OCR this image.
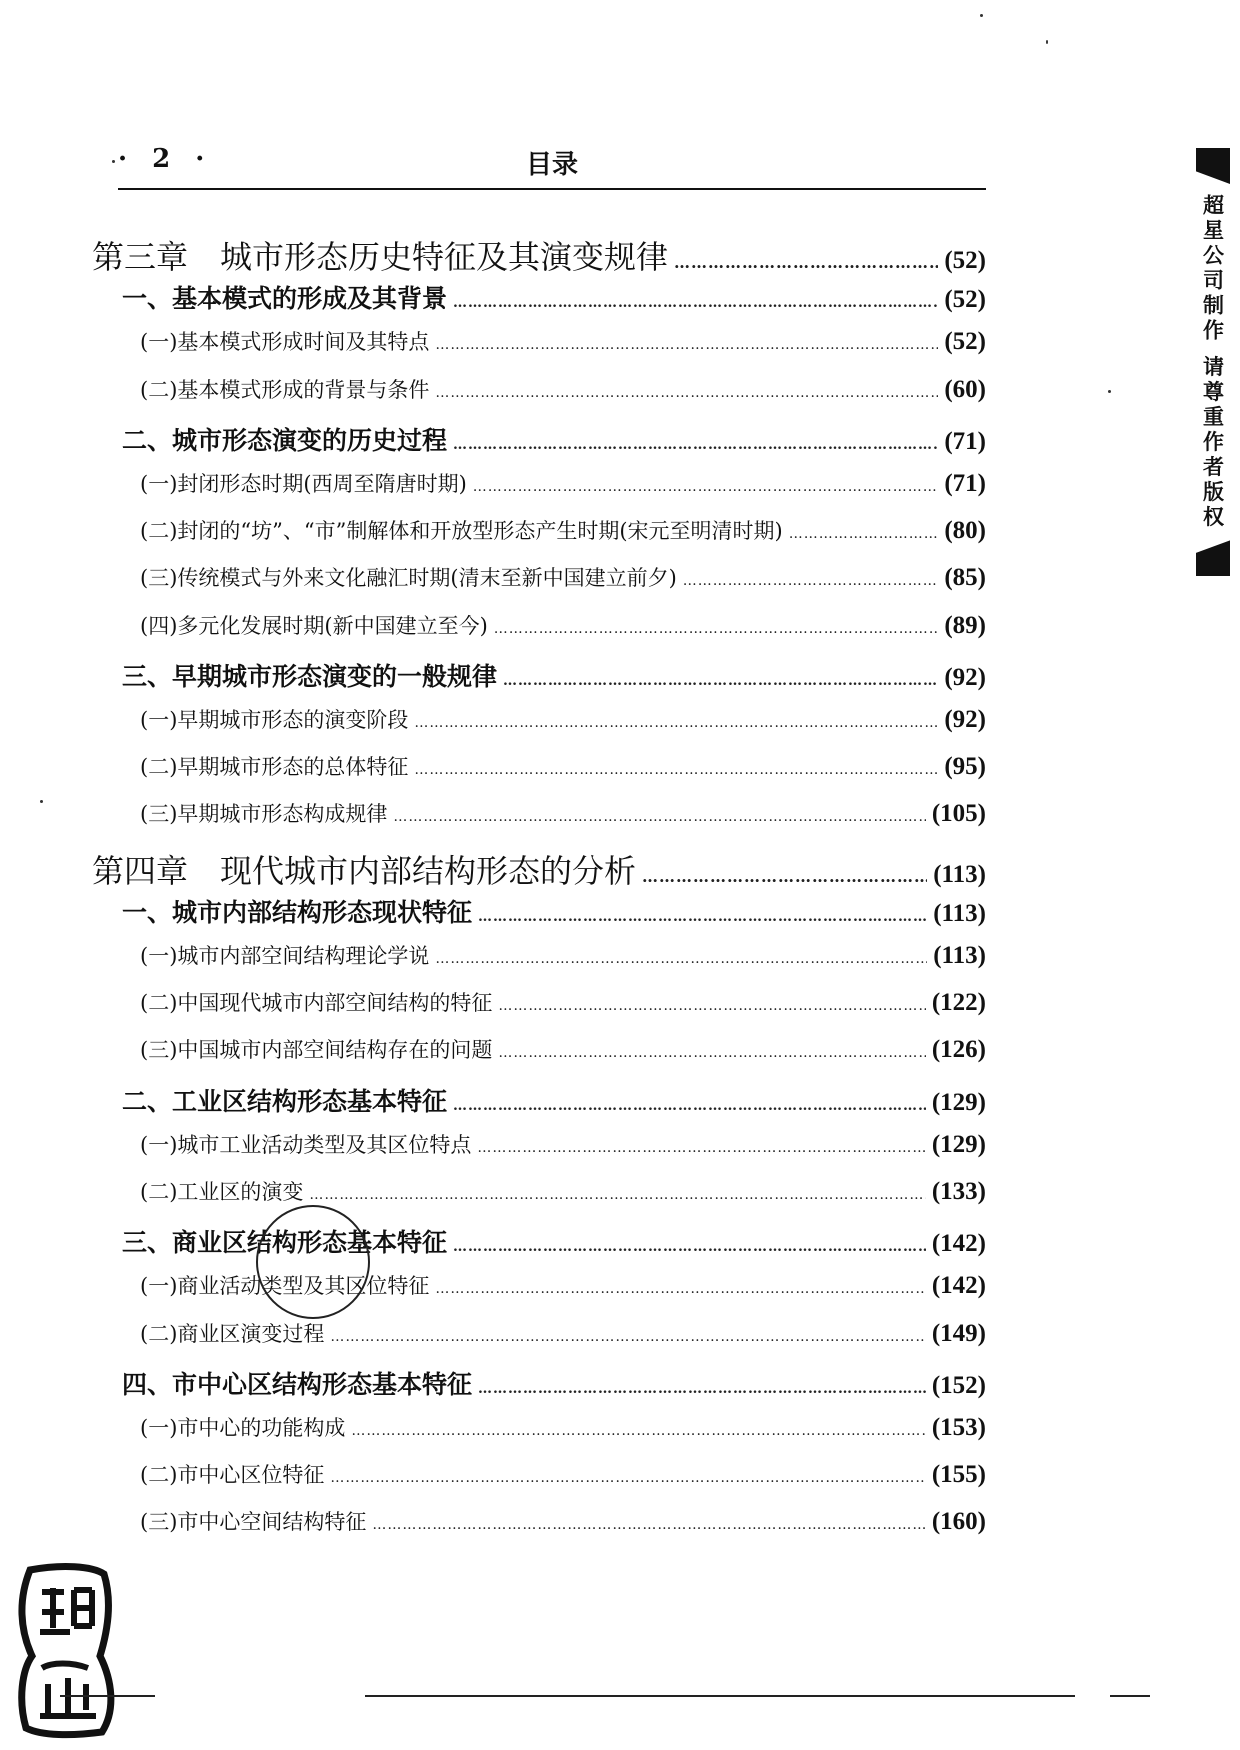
· 2 ·	目录
第三章　城市形态历史特征及其演变规律 ……………………………………………………………………………………………………………………………………………………………………………………………………	(52)
一、基本模式的形成及其背景 ……………………………………………………………………………………………………………………………………………………………………………………………………	(52)
(一)基本模式形成时间及其特点 ……………………………………………………………………………………………………………………………………………………………………………………………………	(52)
(二)基本模式形成的背景与条件 ……………………………………………………………………………………………………………………………………………………………………………………………………	(60)
二、城市形态演变的历史过程 ……………………………………………………………………………………………………………………………………………………………………………………………………	(71)
(一)封闭形态时期(西周至隋唐时期) ……………………………………………………………………………………………………………………………………………………………………………………………………	(71)
(二)封闭的“坊”、“市”制解体和开放型形态产生时期(宋元至明清时期) ……………………………………………………………………………………………………………………………………………………………………………………………………	(80)
(三)传统模式与外来文化融汇时期(清末至新中国建立前夕) ……………………………………………………………………………………………………………………………………………………………………………………………………	(85)
(四)多元化发展时期(新中国建立至今) ……………………………………………………………………………………………………………………………………………………………………………………………………	(89)
三、早期城市形态演变的一般规律 ……………………………………………………………………………………………………………………………………………………………………………………………………	(92)
(一)早期城市形态的演变阶段 ……………………………………………………………………………………………………………………………………………………………………………………………………	(92)
(二)早期城市形态的总体特征 ……………………………………………………………………………………………………………………………………………………………………………………………………	(95)
(三)早期城市形态构成规律 ……………………………………………………………………………………………………………………………………………………………………………………………………	(105)
第四章　现代城市内部结构形态的分析 ……………………………………………………………………………………………………………………………………………………………………………………………………	(113)
一、城市内部结构形态现状特征 ……………………………………………………………………………………………………………………………………………………………………………………………………	(113)
(一)城市内部空间结构理论学说 ……………………………………………………………………………………………………………………………………………………………………………………………………	(113)
(二)中国现代城市内部空间结构的特征 ……………………………………………………………………………………………………………………………………………………………………………………………………	(122)
(三)中国城市内部空间结构存在的问题 ……………………………………………………………………………………………………………………………………………………………………………………………………	(126)
二、工业区结构形态基本特征 ……………………………………………………………………………………………………………………………………………………………………………………………………	(129)
(一)城市工业活动类型及其区位特点 ……………………………………………………………………………………………………………………………………………………………………………………………………	(129)
(二)工业区的演变 ……………………………………………………………………………………………………………………………………………………………………………………………………	(133)
三、商业区结构形态基本特征 ……………………………………………………………………………………………………………………………………………………………………………………………………	(142)
(一)商业活动类型及其区位特征 ……………………………………………………………………………………………………………………………………………………………………………………………………	(142)
(二)商业区演变过程 ……………………………………………………………………………………………………………………………………………………………………………………………………	(149)
四、市中心区结构形态基本特征 ……………………………………………………………………………………………………………………………………………………………………………………………………	(152)
(一)市中心的功能构成 ……………………………………………………………………………………………………………………………………………………………………………………………………	(153)
(二)市中心区位特征 ……………………………………………………………………………………………………………………………………………………………………………………………………	(155)
(三)市中心空间结构特征 ……………………………………………………………………………………………………………………………………………………………………………………………………	(160)
超星公司制作 请尊重作者版权
